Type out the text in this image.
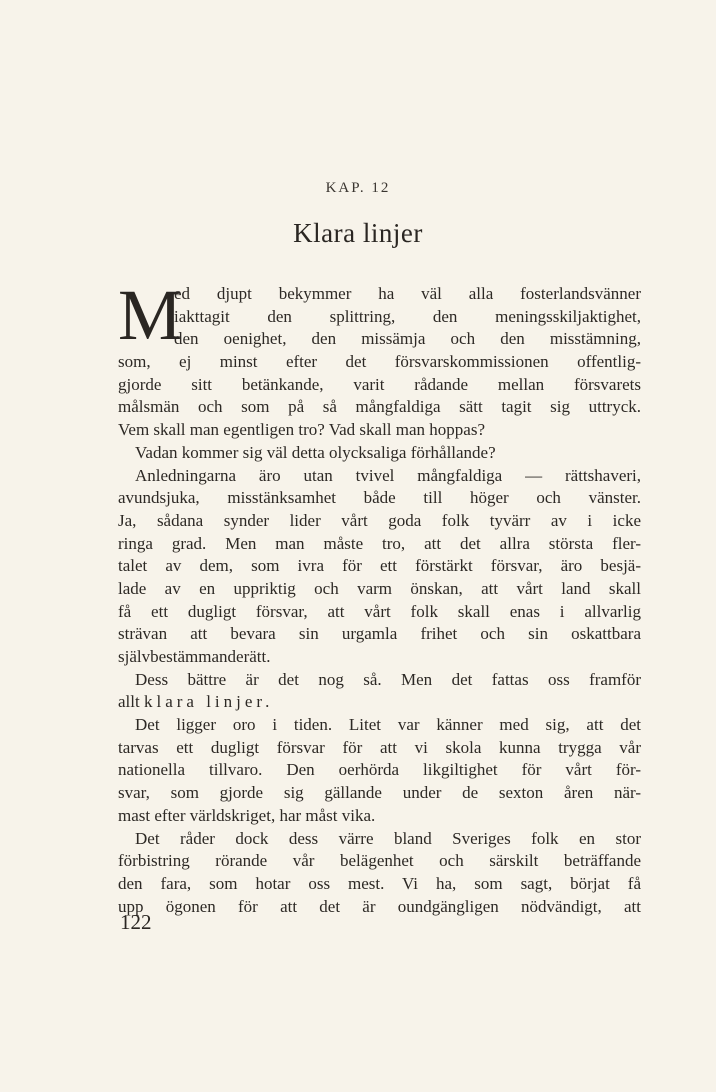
KAP. 12
Klara linjer
M
ed djupt bekymmer ha väl alla fosterlandsvänner
iakttagit den splittring, den meningsskiljaktighet,
den oenighet, den missämja och den misstämning,
som, ej minst efter det försvarskommissionen offentlig-
gjorde sitt betänkande, varit rådande mellan försvarets
målsmän och som på så mångfaldiga sätt tagit sig uttryck.
Vem skall man egentligen tro? Vad skall man hoppas?
Vadan kommer sig väl detta olycksaliga förhållande?
Anledningarna äro utan tvivel mångfaldiga — rättshaveri,
avundsjuka, misstänksamhet både till höger och vänster.
Ja, sådana synder lider vårt goda folk tyvärr av i icke
ringa grad. Men man måste tro, att det allra största fler-
talet av dem, som ivra för ett förstärkt försvar, äro besjä-
lade av en uppriktig och varm önskan, att vårt land skall
få ett dugligt försvar, att vårt folk skall enas i allvarlig
strävan att bevara sin urgamla frihet och sin oskattbara
självbestämmanderätt.
Dess bättre är det nog så. Men det fattas oss framför
allt klara linjer.
Det ligger oro i tiden. Litet var känner med sig, att det
tarvas ett dugligt försvar för att vi skola kunna trygga vår
nationella tillvaro. Den oerhörda likgiltighet för vårt för-
svar, som gjorde sig gällande under de sexton åren när-
mast efter världskriget, har måst vika.
Det råder dock dess värre bland Sveriges folk en stor
förbistring rörande vår belägenhet och särskilt beträffande
den fara, som hotar oss mest. Vi ha, som sagt, börjat få
upp ögonen för att det är oundgängligen nödvändigt, att
122
